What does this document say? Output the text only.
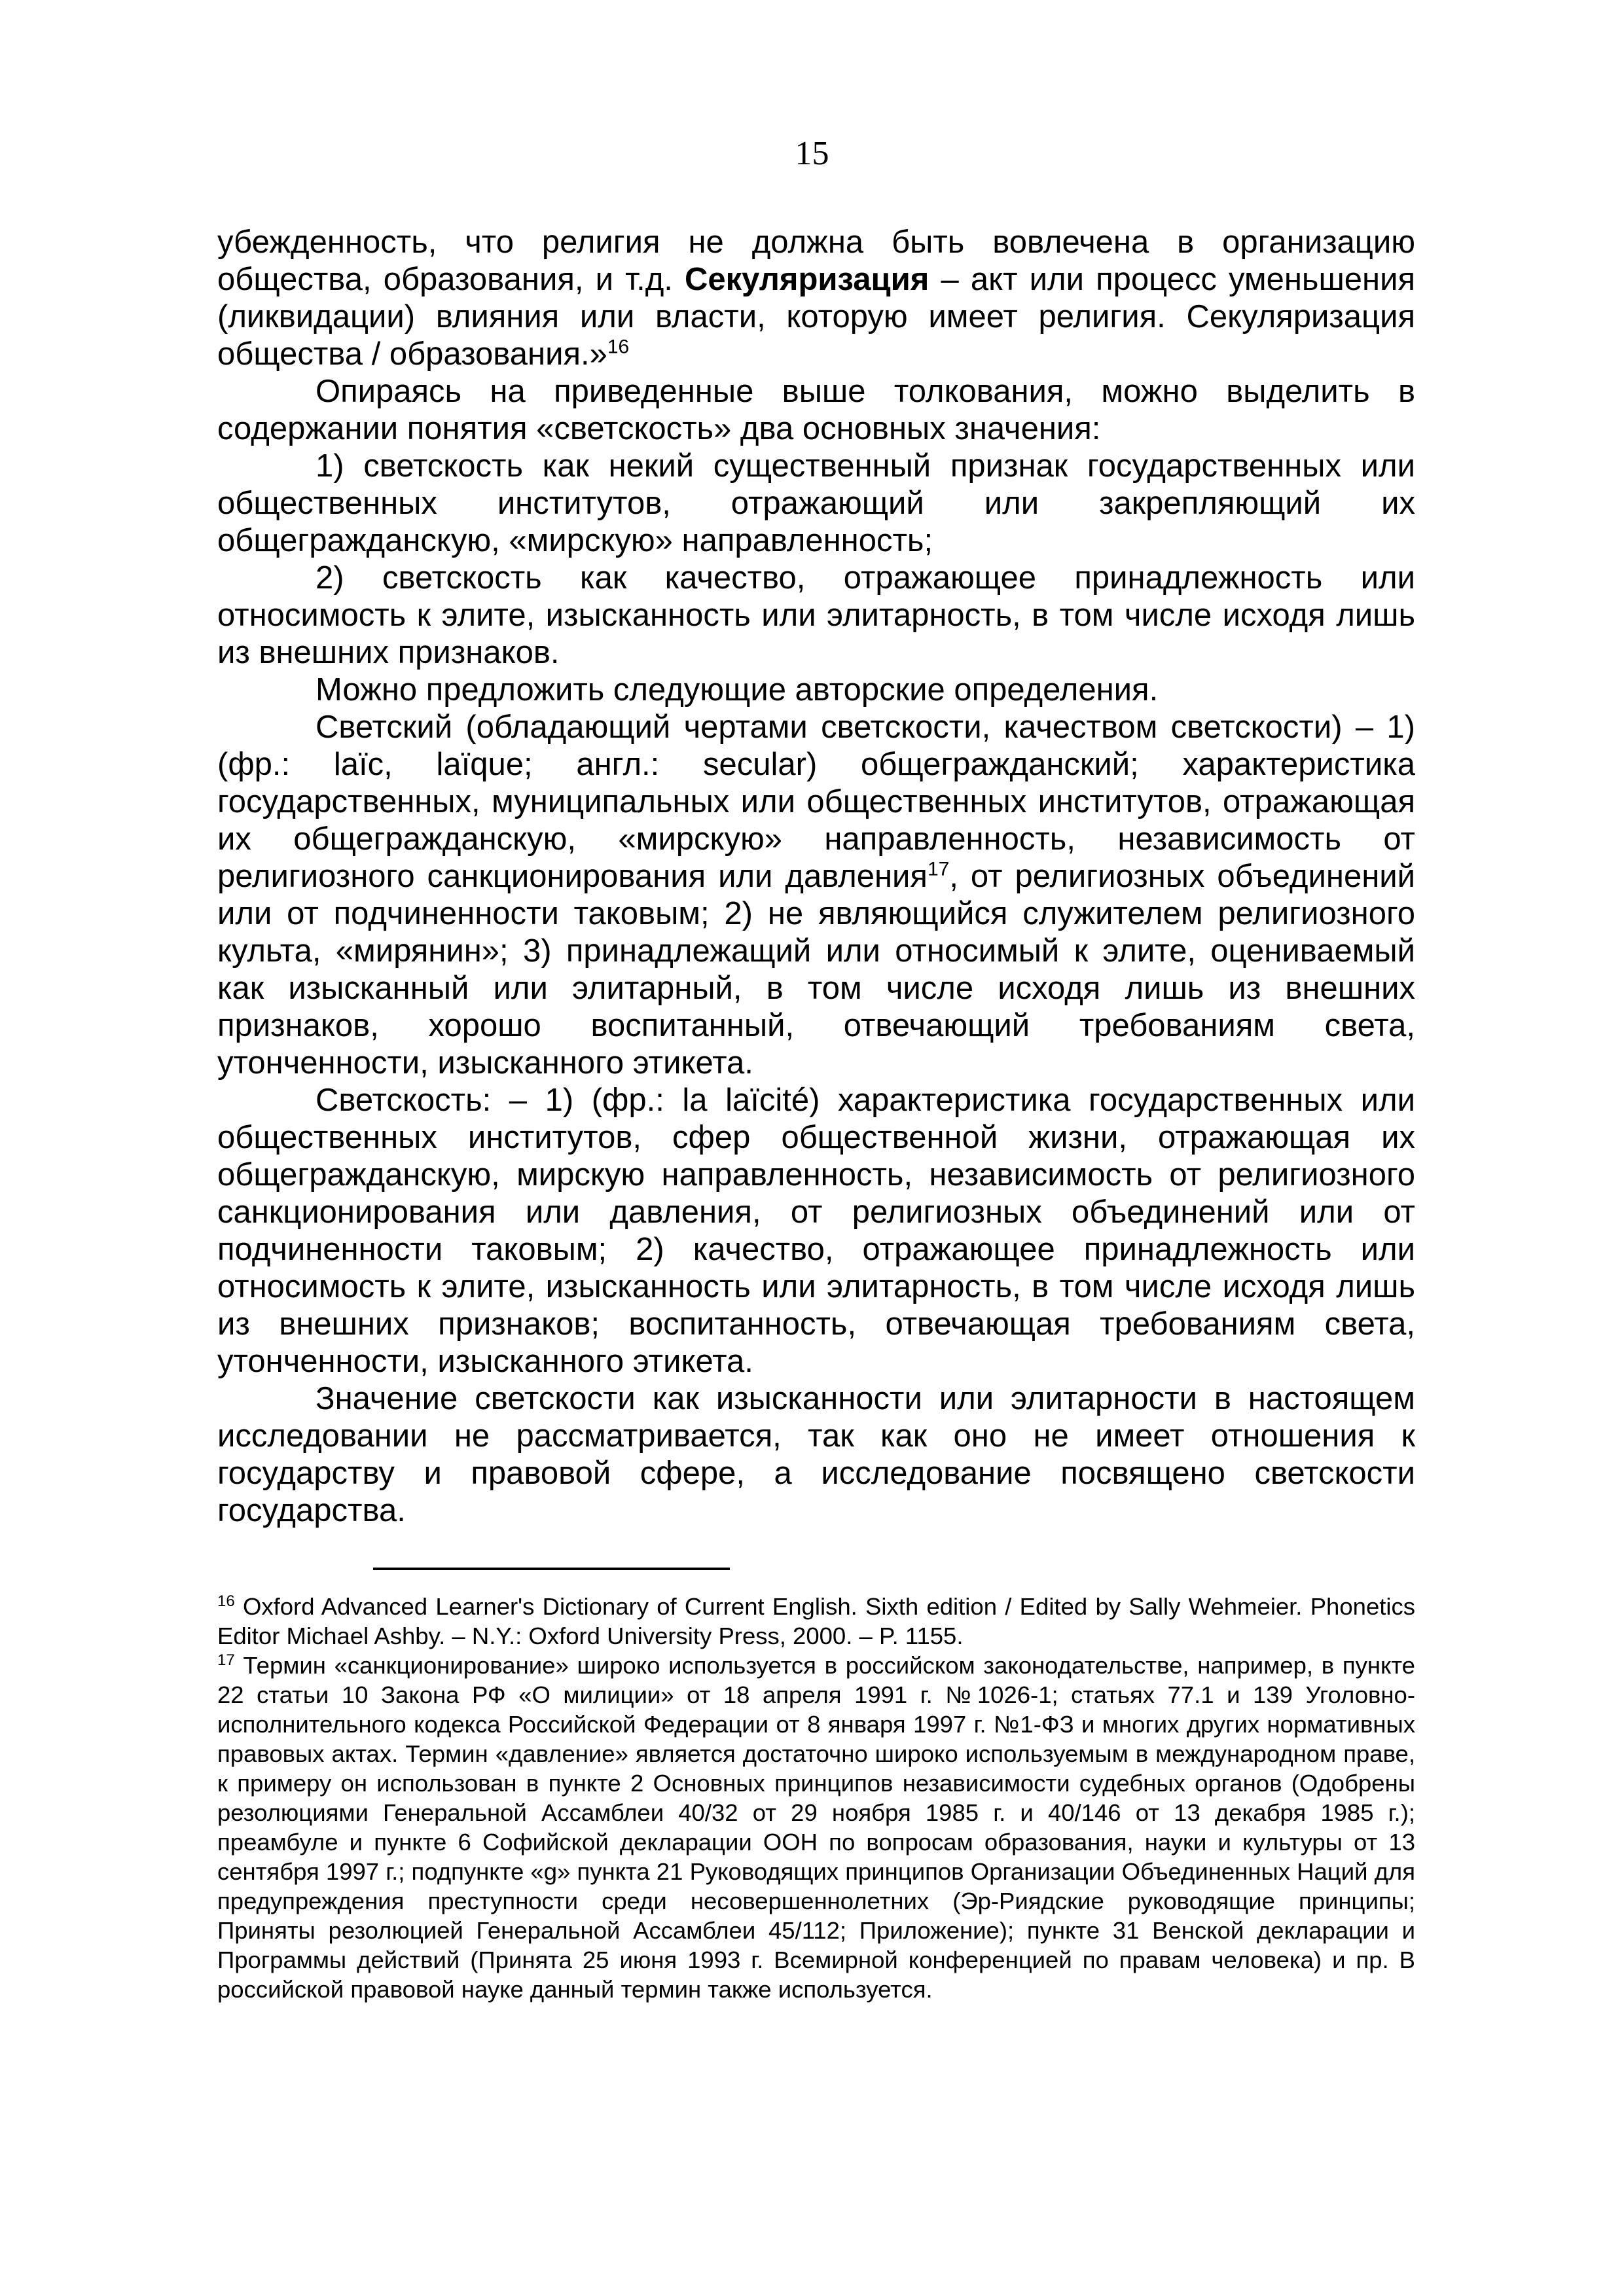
15

убежденность, что религия не должна быть вовлечена в организацию общества, образования, и т.д. Секуляризация – акт или процесс уменьшения (ликвидации) влияния или власти, которую имеет религия. Секуляризация общества / образования.»$^{16}$

Опираясь на приведенные выше толкования, можно выделить в содержании понятия «светскость» два основных значения:

1) светскость как некий существенный признак государственных или общественных институтов, отражающий или закрепляющий их общегражданскую, «мирскую» направленность;

2) светскость как качество, отражающее принадлежность или относимость к элите, изысканность или элитарность, в том числе исходя лишь из внешних признаков.

Можно предложить следующие авторские определения.

Светский (обладающий чертами светскости, качеством светскости) – 1) (фр.: laïc, laïque; англ.: secular) общегражданский; характеристика государственных, муниципальных или общественных институтов, отражающая их общегражданскую, «мирскую» направленность, независимость от религиозного санкционирования или давления$^{17}$, от религиозных объединений или от подчиненности таковым; 2) не являющийся служителем религиозного культа, «мирянин»; 3) принадлежащий или относимый к элите, оцениваемый как изысканный или элитарный, в том числе исходя лишь из внешних признаков, хорошо воспитанный, отвечающий требованиям света, утонченности, изысканного этикета.

Светскость: – 1) (фр.: la laïcité) характеристика государственных или общественных институтов, сфер общественной жизни, отражающая их общегражданскую, мирскую направленность, независимость от религиозного санкционирования или давления, от религиозных объединений или от подчиненности таковым; 2) качество, отражающее принадлежность или относимость к элите, изысканность или элитарность, в том числе исходя лишь из внешних признаков; воспитанность, отвечающая требованиям света, утонченности, изысканного этикета.

Значение светскости как изысканности или элитарности в настоящем исследовании не рассматривается, так как оно не имеет отношения к государству и правовой сфере, а исследование посвящено светскости государства.

$^{16}$ Oxford Advanced Learner's Dictionary of Current English. Sixth edition / Edited by Sally Wehmeier. Phonetics Editor Michael Ashby. – N.Y.: Oxford University Press, 2000. – P. 1155.

$^{17}$ Термин «санкционирование» широко используется в российском законодательстве, например, в пункте 22 статьи 10 Закона РФ «О милиции» от 18 апреля 1991 г. №1026-1; статьях 77.1 и 139 Уголовно-исполнительного кодекса Российской Федерации от 8 января 1997 г. №1-ФЗ и многих других нормативных правовых актах. Термин «давление» является достаточно широко используемым в международном праве, к примеру он использован в пункте 2 Основных принципов независимости судебных органов (Одобрены резолюциями Генеральной Ассамблеи 40/32 от 29 ноября 1985 г. и 40/146 от 13 декабря 1985 г.); преамбуле и пункте 6 Софийской декларации ООН по вопросам образования, науки и культуры от 13 сентября 1997 г.; подпункте «g» пункта 21 Руководящих принципов Организации Объединенных Наций для предупреждения преступности среди несовершеннолетних (Эр-Риядские руководящие принципы; Приняты резолюцией Генеральной Ассамблеи 45/112; Приложение); пункте 31 Венской декларации и Программы действий (Принята 25 июня 1993 г. Всемирной конференцией по правам человека) и пр. В российской правовой науке данный термин также используется.
